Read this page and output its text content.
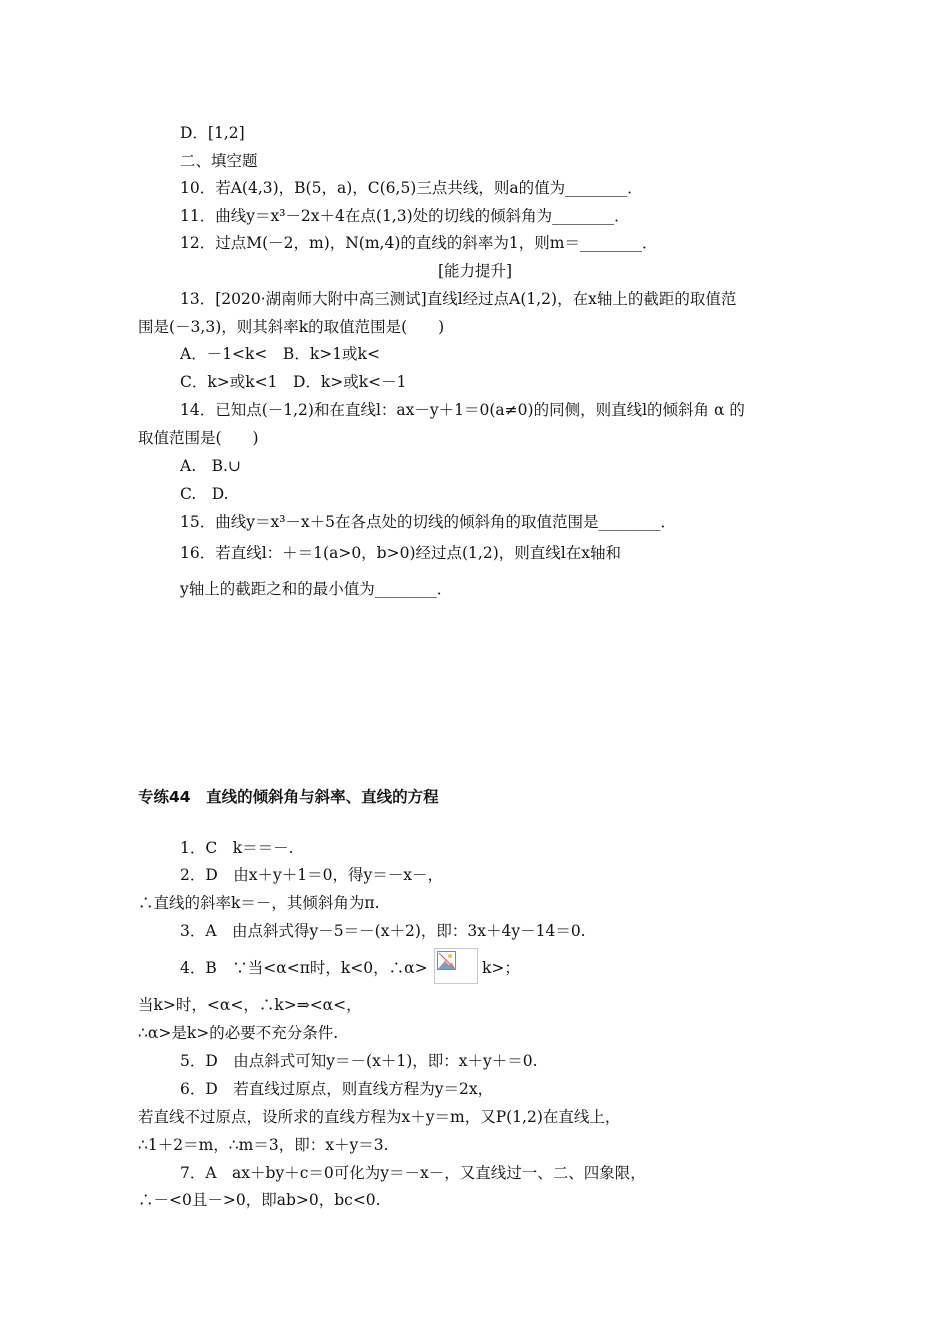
D．[1,2]
二、填空题
10．若A(4,3)，B(5，a)，C(6,5)三点共线，则a的值为________．
11．曲线y＝x³－2x＋4在点(1,3)处的切线的倾斜角为________．
12．过点M(－2，m)，N(m,4)的直线的斜率为1，则m＝________．
[能力提升]
13．[2020·湖南师大附中高三测试]直线l经过点A(1,2)，在x轴上的截距的取值范
围是(－3,3)，则其斜率k的取值范围是(　　)
A．－1<k<　B．k>1或k<
C．k>或k<1　D．k>或k<－1
14．已知点(－1,2)和在直线l：ax－y＋1＝0(a≠0)的同侧，则直线l的倾斜角 α 的
取值范围是(　　)
A.　B.∪
C.　D.
15．曲线y＝x³－x＋5在各点处的切线的倾斜角的取值范围是________．
16．若直线l：＋＝1(a>0，b>0)经过点(1,2)，则直线l在x轴和
y轴上的截距之和的最小值为________．
专练44　直线的倾斜角与斜率、直线的方程
1．C　k＝＝－.
2．D　由x＋y＋1＝0，得y＝－x－，
∴直线的斜率k＝－，其倾斜角为π.
3．A　由点斜式得y－5＝－(x＋2)，即：3x＋4y－14＝0.
4．B　∵当<α<π时，k<0，∴α>	k>；
当k>时，<α<，∴k>⇒<α<，
∴α>是k>的必要不充分条件.
5．D　由点斜式可知y＝－(x＋1)，即：x＋y＋＝0.
6．D　若直线过原点，则直线方程为y＝2x，
若直线不过原点，设所求的直线方程为x＋y＝m，又P(1,2)在直线上，
∴1＋2＝m，∴m＝3，即：x＋y＝3.
7．A　ax＋by＋c＝0可化为y＝－x－，又直线过一、二、四象限，
∴－<0且－>0，即ab>0，bc<0.
